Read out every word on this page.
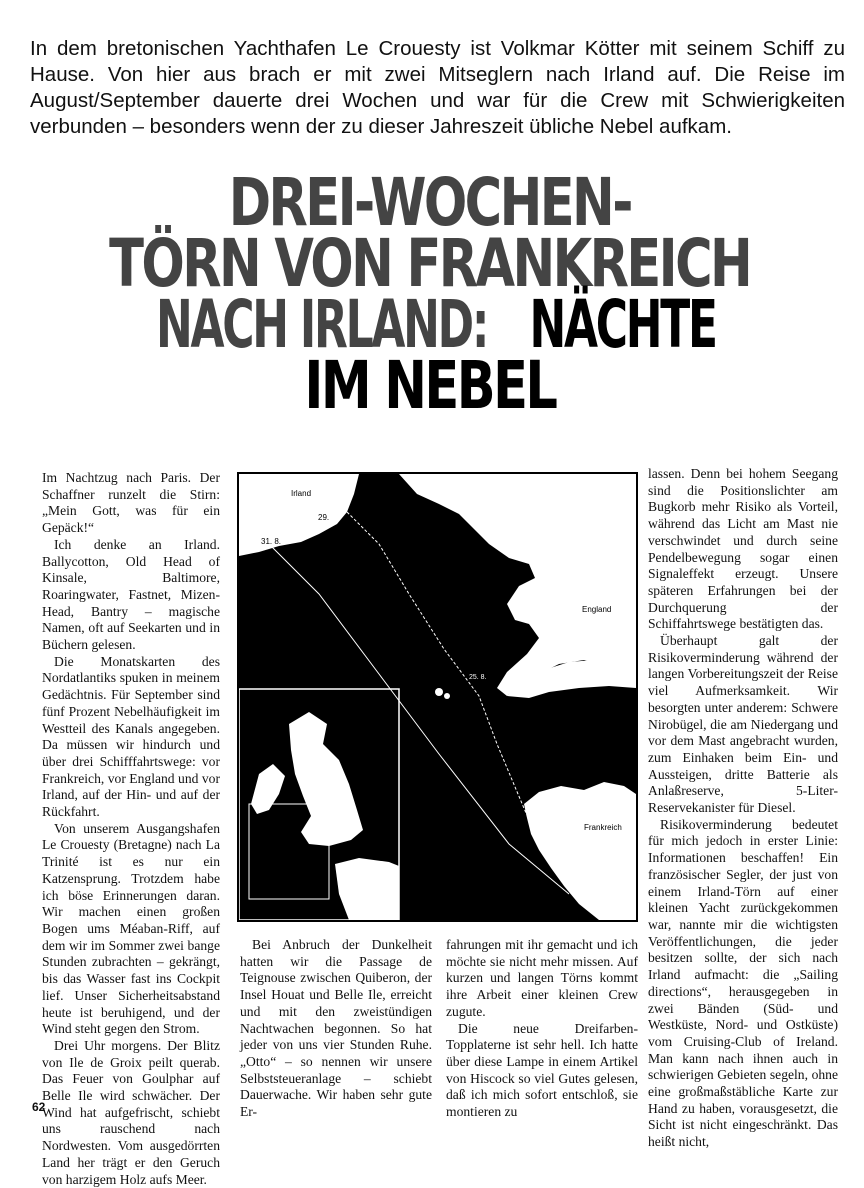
In dem bretonischen Yachthafen Le Crouesty ist Volkmar Kötter mit seinem Schiff zu Hause. Von hier aus brach er mit zwei Mitseglern nach Irland auf. Die Reise im August/September dauerte drei Wochen und war für die Crew mit Schwierigkeiten verbunden – besonders wenn der zu dieser Jahreszeit übliche Nebel aufkam.
DREI-WOCHEN-
TÖRN VON FRANKREICH
NACH IRLAND:NÄCHTE
IM NEBEL

Im Nachtzug nach Paris. Der Schaffner runzelt die Stirn: „Mein Gott, was für ein Gepäck!“

Ich denke an Irland. Ballycotton, Old Head of Kinsale, Baltimore, Roaringwater, Fastnet, Mizen-Head, Bantry – magische Namen, oft auf Seekarten und in Büchern gelesen.

Die Monatskarten des Nordatlantiks spuken in meinem Gedächtnis. Für September sind fünf Prozent Nebelhäufigkeit im Westteil des Kanals angegeben. Da müssen wir hindurch und über drei Schifffahrtswege: vor Frankreich, vor England und vor Irland, auf der Hin- und auf der Rückfahrt.

Von unserem Ausgangshafen Le Crouesty (Bretagne) nach La Trinité ist es nur ein Katzensprung. Trotzdem habe ich böse Erinnerungen daran. Wir machen einen großen Bogen ums Méaban-Riff, auf dem wir im Sommer zwei bange Stunden zubrachten – gekrängt, bis das Wasser fast ins Cockpit lief. Unser Sicherheitsabstand heute ist beruhigend, und der Wind steht gegen den Strom.

Drei Uhr morgens. Der Blitz von Ile de Groix peilt querab. Das Feuer von Goulphar auf Belle Ile wird schwächer. Der Wind hat aufgefrischt, schiebt uns rauschend nach Nordwesten. Vom ausgedörrten Land her trägt er den Geruch von harzigem Holz aufs Meer.

Irland
England
Frankreich
29.
31. 8.
25. 8.
5. 9.
19. 8.

Bei Anbruch der Dunkelheit hatten wir die Passage de Teignouse zwischen Quiberon, der Insel Houat und Belle Ile, erreicht und mit den zweistündigen Nachtwachen begonnen. So hat jeder von uns vier Stunden Ruhe. „Otto“ – so nennen wir unsere Selbststeueranlage – schiebt Dauerwache. Wir haben sehr gute Er-

fahrungen mit ihr gemacht und ich möchte sie nicht mehr missen. Auf kurzen und langen Törns kommt ihre Arbeit einer kleinen Crew zugute.

Die neue Dreifarben-Topplaterne ist sehr hell. Ich hatte über diese Lampe in einem Artikel von Hiscock so viel Gutes gelesen, daß ich mich sofort entschloß, sie montieren zu

lassen. Denn bei hohem Seegang sind die Positionslichter am Bugkorb mehr Risiko als Vorteil, während das Licht am Mast nie verschwindet und durch seine Pendelbewegung sogar einen Signaleffekt erzeugt. Unsere späteren Erfahrungen bei der Durchquerung der Schiffahrtswege bestätigten das.

Überhaupt galt der Risikoverminderung während der langen Vorbereitungszeit der Reise viel Aufmerksamkeit. Wir besorgten unter anderem: Schwere Nirobügel, die am Niedergang und vor dem Mast angebracht wurden, zum Einhaken beim Ein- und Aussteigen, dritte Batterie als Anlaßreserve, 5-Liter-Reservekanister für Diesel.

Risikoverminderung bedeutet für mich jedoch in erster Linie: Informationen beschaffen! Ein französischer Segler, der just von einem Irland-Törn auf einer kleinen Yacht zurückgekommen war, nannte mir die wichtigsten Veröffentlichungen, die jeder besitzen sollte, der sich nach Irland aufmacht: die „Sailing directions“, herausgegeben in zwei Bänden (Süd- und Westküste, Nord- und Ostküste) vom Cruising-Club of Ireland. Man kann nach ihnen auch in schwierigen Gebieten segeln, ohne eine großmaßstäbliche Karte zur Hand zu haben, vorausgesetzt, die Sicht ist nicht eingeschränkt. Das heißt nicht,

62
